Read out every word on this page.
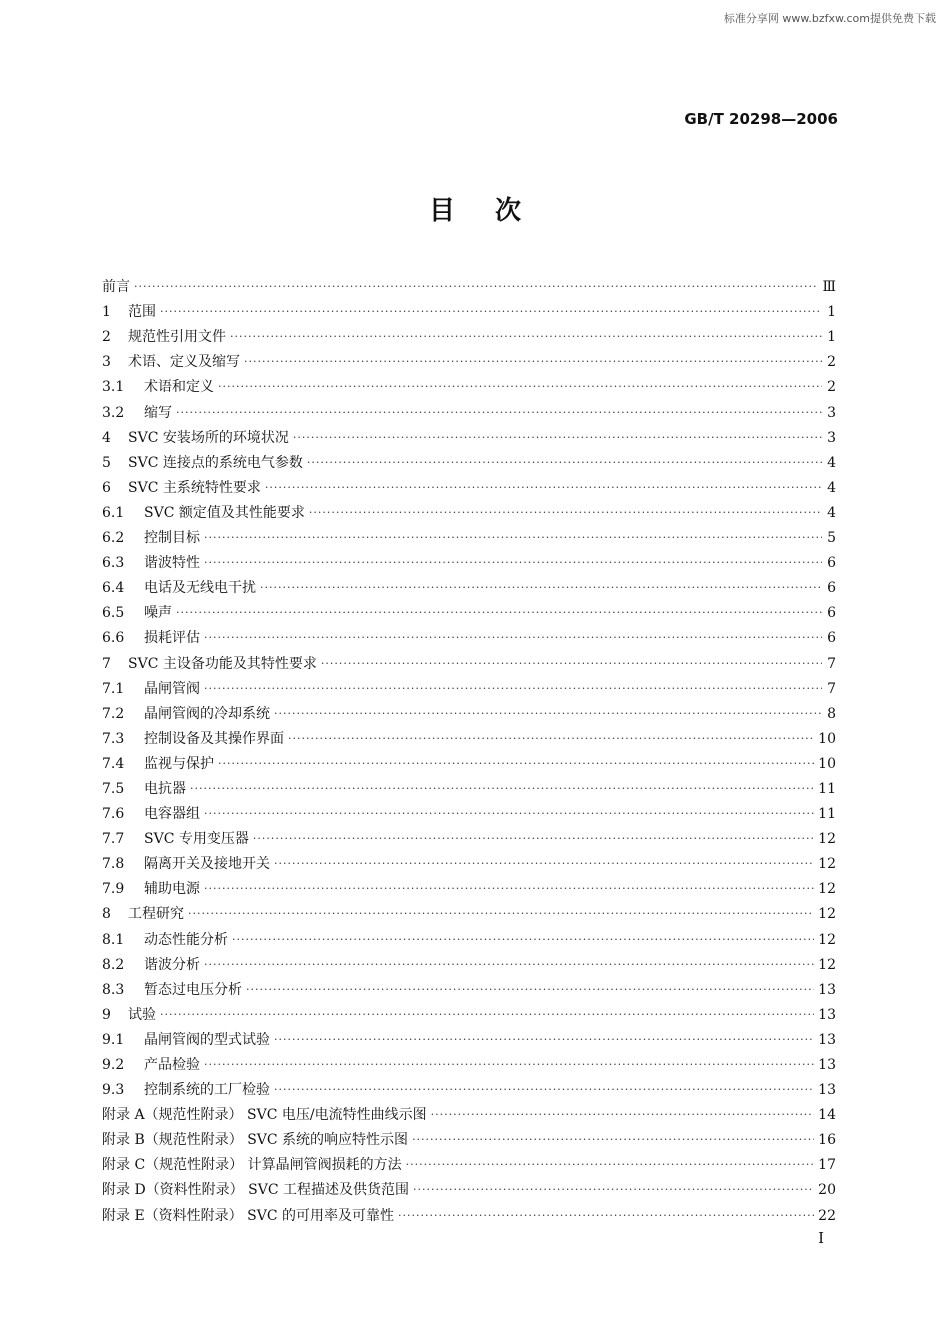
标准分享网 www.bzfxw.com提供免费下载
GB/T 20298—2006
目次
前言 ·····	Ⅲ
1	范围 ·····	1
2	规范性引用文件 ·····	1
3	术语、定义及缩写 ·····	2
3.1	术语和定义 ·····	2
3.2	缩写 ·····	3
4	SVC 安装场所的环境状况 ·····	3
5	SVC 连接点的系统电气参数 ·····	4
6	SVC 主系统特性要求 ·····	4
6.1	SVC 额定值及其性能要求 ·····	4
6.2	控制目标 ·····	5
6.3	谐波特性 ·····	6
6.4	电话及无线电干扰 ·····	6
6.5	噪声 ·····	6
6.6	损耗评估 ·····	6
7	SVC 主设备功能及其特性要求 ·····	7
7.1	晶闸管阀 ·····	7
7.2	晶闸管阀的冷却系统 ·····	8
7.3	控制设备及其操作界面 ·····	10
7.4	监视与保护 ·····	10
7.5	电抗器 ·····	11
7.6	电容器组 ·····	11
7.7	SVC 专用变压器 ·····	12
7.8	隔离开关及接地开关 ·····	12
7.9	辅助电源 ·····	12
8	工程研究 ·····	12
8.1	动态性能分析 ·····	12
8.2	谐波分析 ·····	12
8.3	暂态过电压分析 ·····	13
9	试验 ·····	13
9.1	晶闸管阀的型式试验 ·····	13
9.2	产品检验 ·····	13
9.3	控制系统的工厂检验 ·····	13
附录 A（规范性附录） SVC 电压/电流特性曲线示图 ·····	14
附录 B（规范性附录） SVC 系统的响应特性示图 ·····	16
附录 C（规范性附录） 计算晶闸管阀损耗的方法 ·····	17
附录 D（资料性附录） SVC 工程描述及供货范围 ·····	20
附录 E（资料性附录） SVC 的可用率及可靠性 ·····	22
I
